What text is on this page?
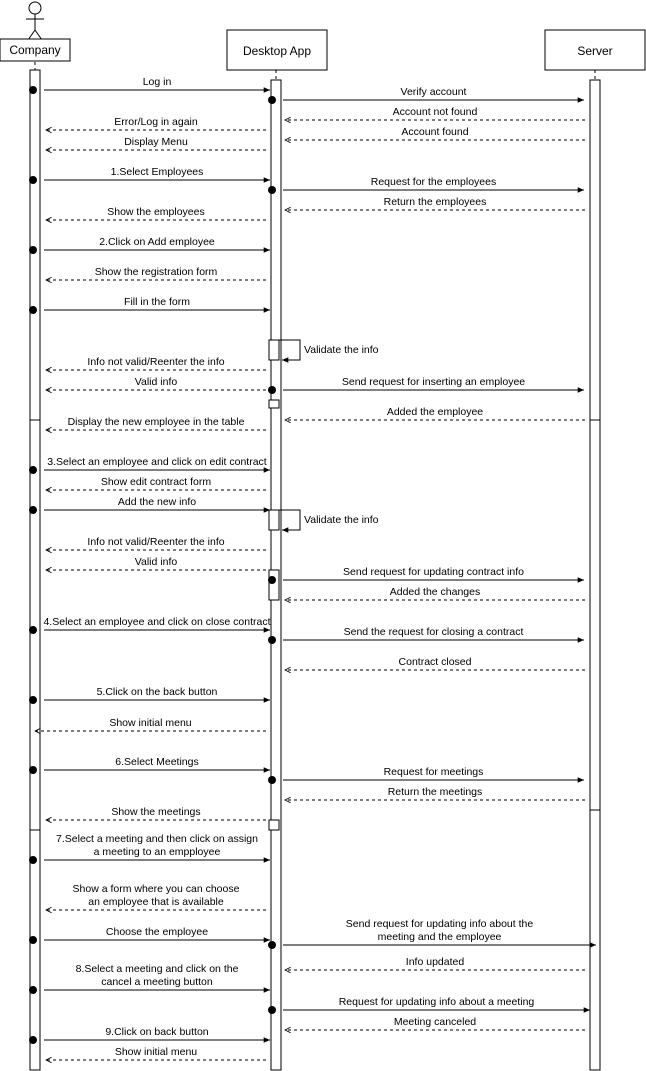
Company	Desktop App	Server
Log in
Verify account
Account not found
Error/Log in again
Account found
Display Menu
1.Select Employees
Request for the employees
Return the employees
Show the employees
2.Click on Add employee
Show the registration form
Fill in the form
Validate the info
Info not valid/Reenter the info
Valid info	Send request for inserting an employee
Added the employee
Display the new employee in the table
3.Select an employee and click on edit contract
Show edit contract form
Add the new info
Validate the info
Info not valid/Reenter the info
Valid info
Send request for updating contract info
Added the changes
4.Select an employee and click on close contract
Send the request for closing a contract
Contract closed
5.Click on the back button
Show initial menu
6.Select Meetings
Request for meetings
Return the meetings
Show the meetings
7.Select a meeting and then click on assign
a meeting to an empployee
Show a form where you can choose
an employee that is available
Choose the employee
Send request for updating info about the
meeting and the employee
Info updated
8.Select a meeting and click on the
cancel a meeting button
Request for updating info about a meeting
Meeting canceled
9.Click on back button
Show initial menu
